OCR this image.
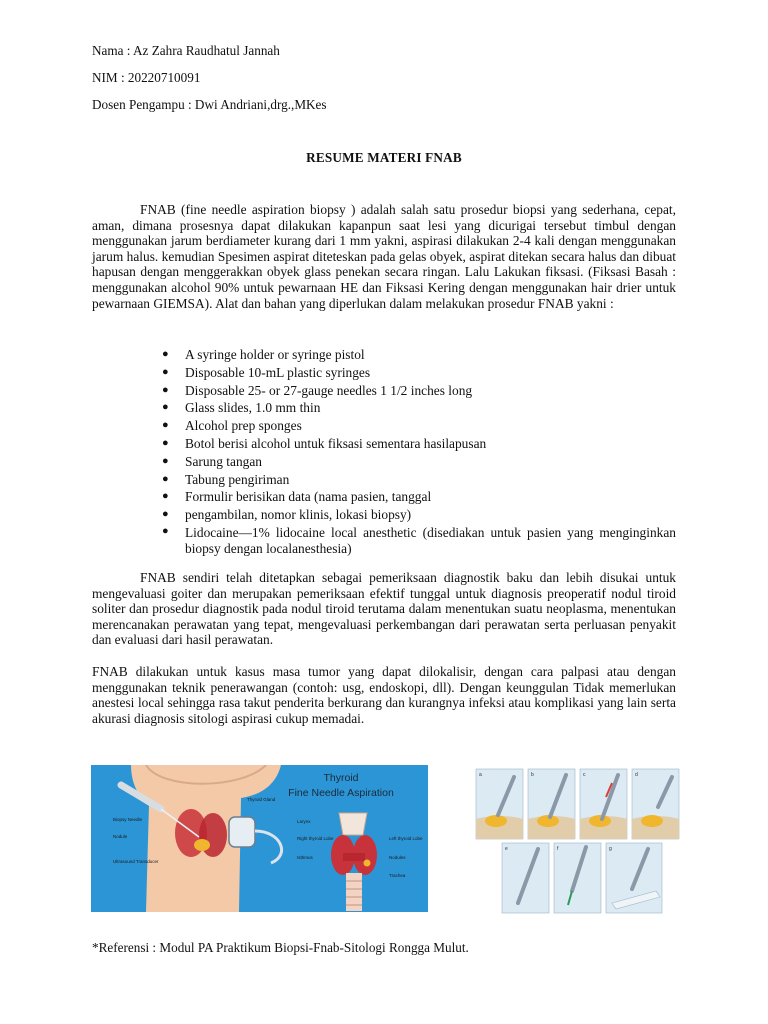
Nama : Az Zahra Raudhatul Jannah
NIM : 20220710091
Dosen Pengampu : Dwi Andriani,drg.,MKes
RESUME MATERI FNAB

FNAB (fine needle aspiration biopsy ) adalah salah satu prosedur biopsi yang sederhana, cepat, aman, dimana prosesnya dapat dilakukan kapanpun saat lesi yang dicurigai tersebut timbul dengan menggunakan jarum berdiameter kurang dari 1 mm yakni, aspirasi dilakukan 2-4 kali dengan menggunakan jarum halus. kemudian Spesimen aspirat diteteskan pada gelas obyek, aspirat ditekan secara halus dan dibuat hapusan dengan menggerakkan obyek glass penekan secara ringan. Lalu Lakukan fiksasi. (Fiksasi Basah : menggunakan alcohol 90% untuk pewarnaan HE dan Fiksasi Kering dengan menggunakan hair drier untuk pewarnaan GIEMSA). Alat dan bahan yang diperlukan dalam melakukan prosedur FNAB yakni :

● A syringe holder or syringe pistol
● Disposable 10-mL plastic syringes
● Disposable 25- or 27-gauge needles 1 1/2 inches long
● Glass slides, 1.0 mm thin
● Alcohol prep sponges
● Botol berisi alcohol untuk fiksasi sementara hasilapusan
● Sarung tangan
● Tabung pengiriman
● Formulir berisikan data (nama pasien, tanggal
● pengambilan, nomor klinis, lokasi biopsy)
● Lidocaine—1% lidocaine local anesthetic (disediakan untuk pasien yang menginginkan biopsy dengan localanesthesia)

FNAB sendiri telah ditetapkan sebagai pemeriksaan diagnostik baku dan lebih disukai untuk mengevaluasi goiter dan merupakan pemeriksaan efektif tunggal untuk diagnosis preoperatif nodul tiroid soliter dan prosedur diagnostik pada nodul tiroid terutama dalam menentukan suatu neoplasma, menentukan merencanakan perawatan yang tepat, mengevaluasi perkembangan dari perawatan serta perluasan penyakit dan evaluasi dari hasil perawatan.

FNAB dilakukan untuk kasus masa tumor yang dapat dilokalisir, dengan cara palpasi atau dengan menggunakan teknik penerawangan (contoh: usg, endoskopi, dll). Dengan keunggulan Tidak memerlukan anestesi local sehingga rasa takut penderita berkurang dan kurangnya infeksi atau komplikasi yang lain serta akurasi diagnosis sitologi aspirasi cukup memadai.

Biopsy Needle
Nodule
Ultrasound Transducer
Thyroid Gland
Thyroid
Fine Needle Aspiration
Larynx
Right thyroid Lobe
Isthmus
Left thyroid Lobe
Nodules
Trachea
a	b	c	d
e	f	g
*Referensi : Modul PA Praktikum Biopsi-Fnab-Sitologi Rongga Mulut.
